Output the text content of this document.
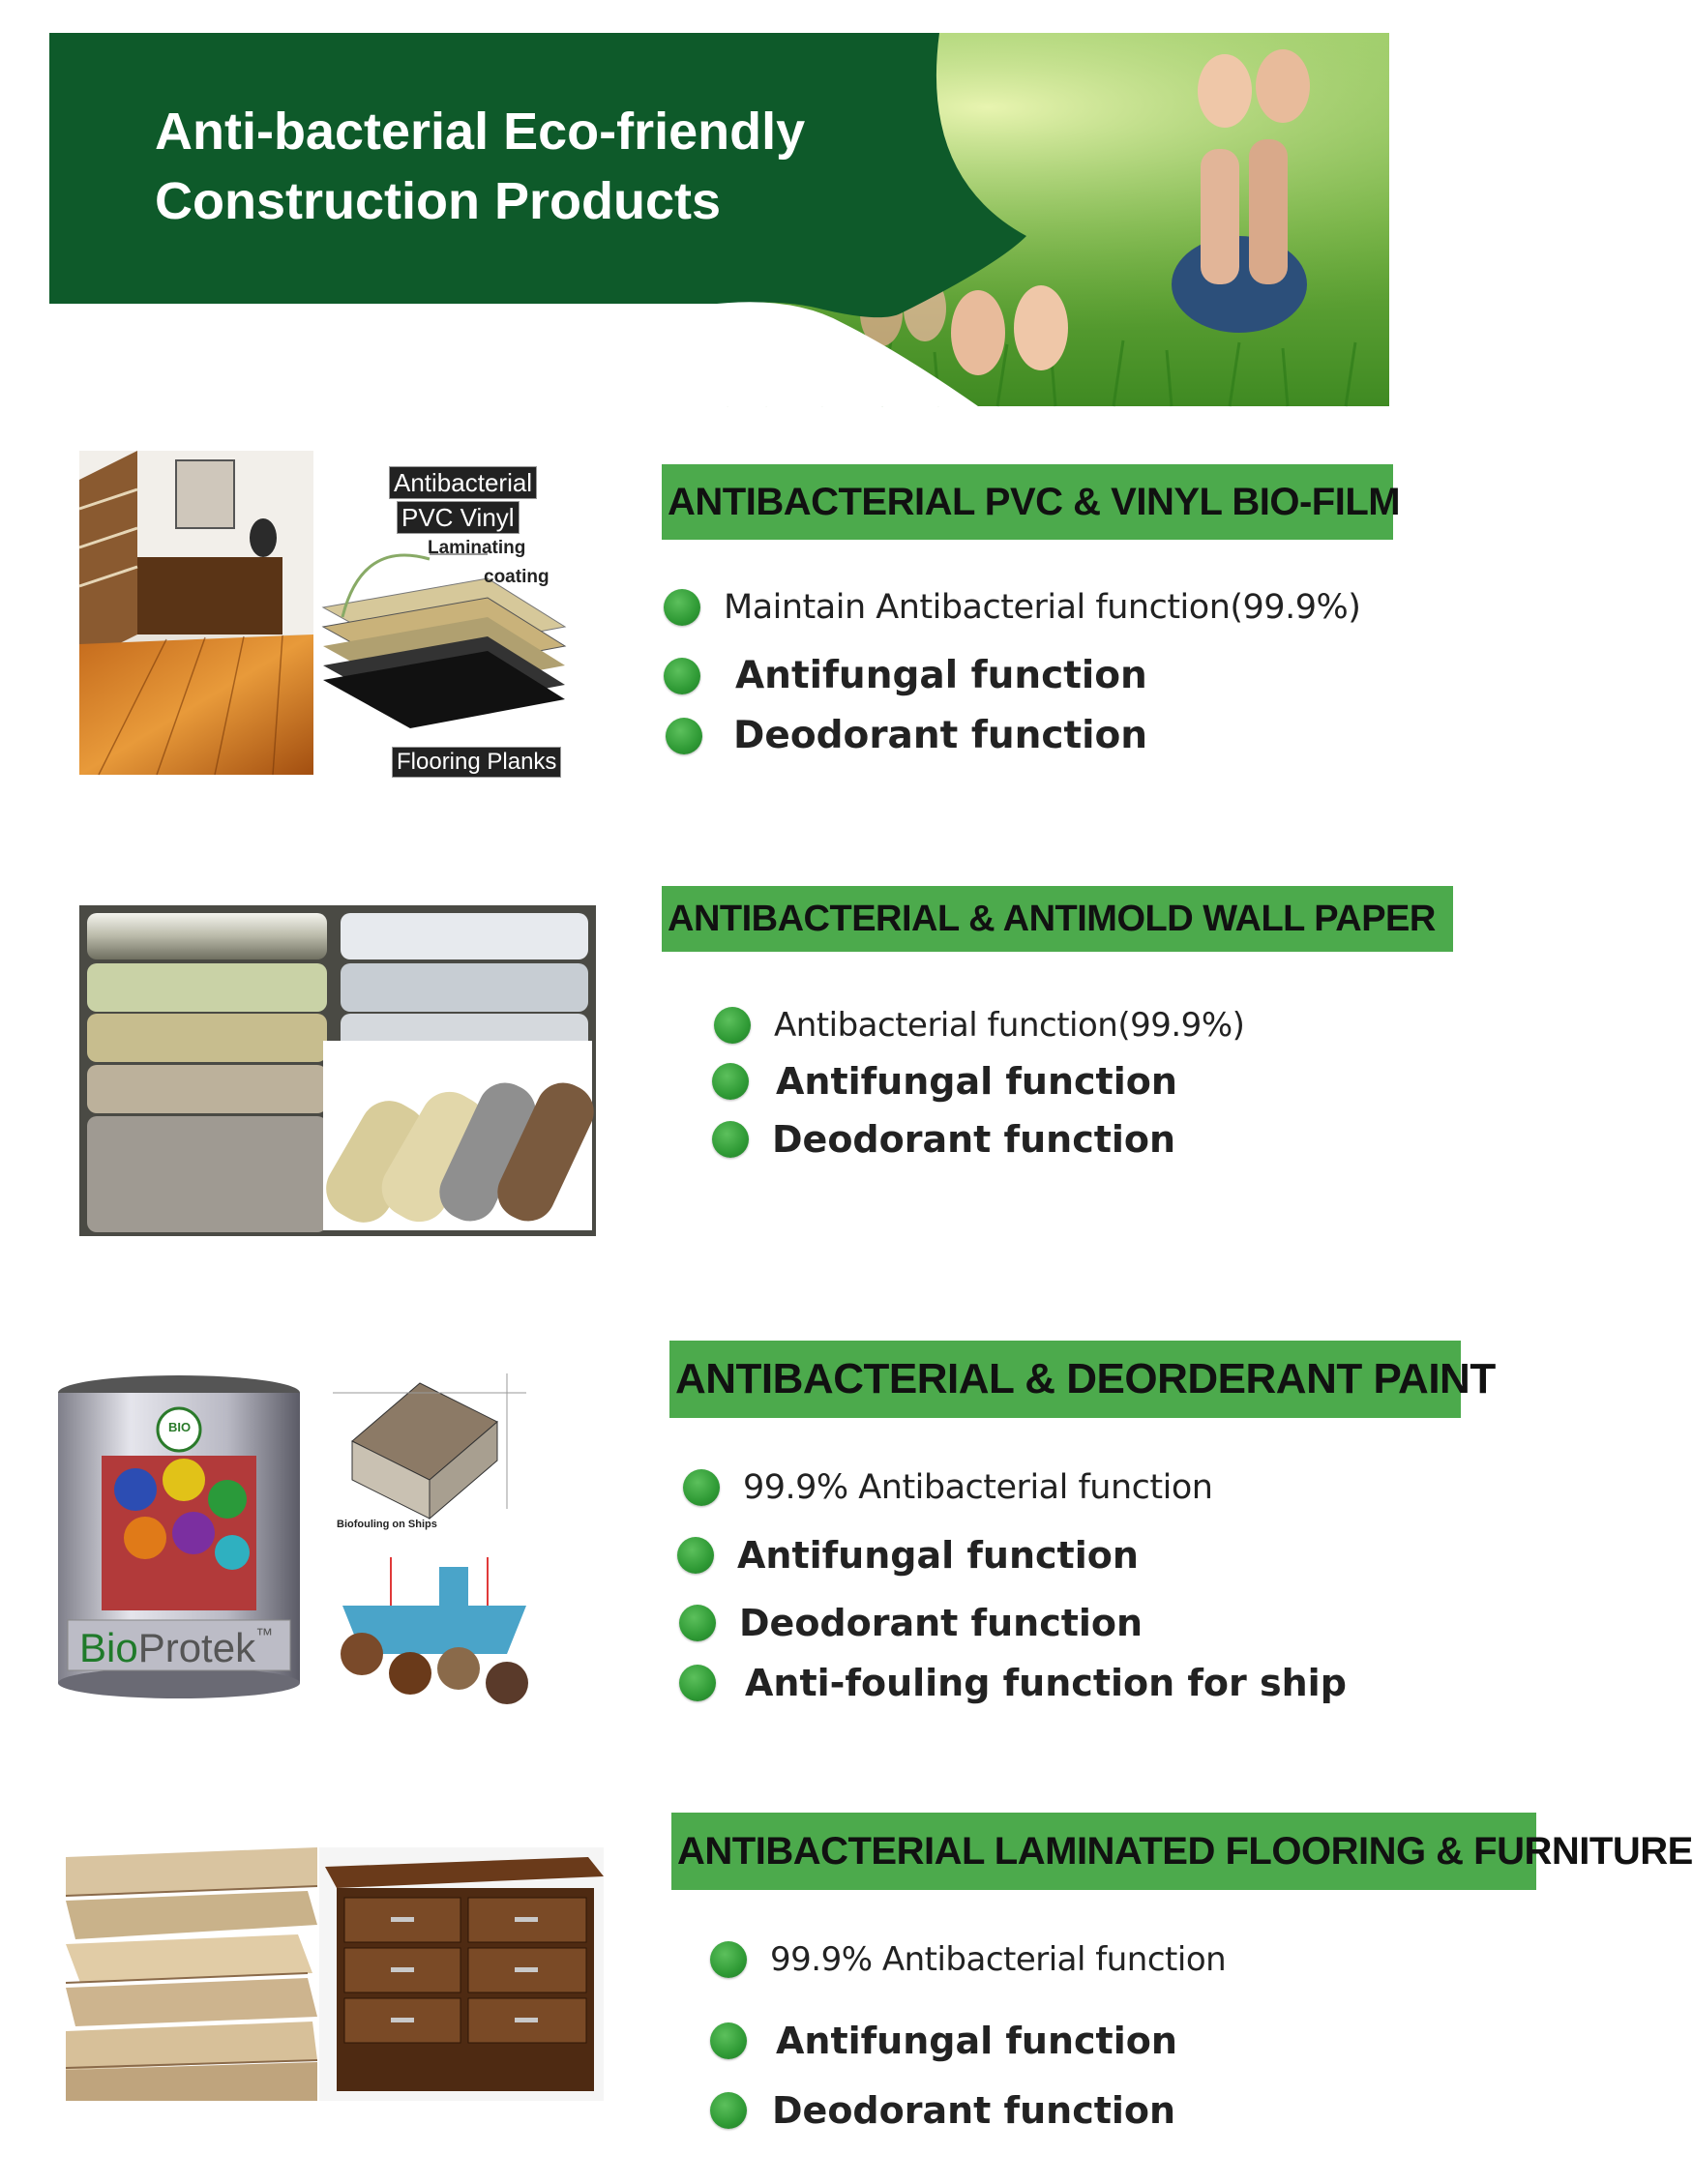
Anti-bacterial Eco-friendly
Construction Products
Antibacterial
PVC Vinyl
Laminating
coating
Flooring Planks
ANTIBACTERIAL PVC & VINYL BIO-FILM
Maintain Antibacterial function(99.9%)
Antifungal function
Deodorant function
ANTIBACTERIAL & ANTIMOLD WALL PAPER
Antibacterial function(99.9%)
Antifungal function
Deodorant function
BIO
BioProtek™
Biofouling on Ships
ANTIBACTERIAL & DEORDERANT PAINT
99.9% Antibacterial function
Antifungal function
Deodorant function
Anti-fouling function for ship
ANTIBACTERIAL LAMINATED FLOORING & FURNITURE
99.9% Antibacterial function
Antifungal function
Deodorant function
